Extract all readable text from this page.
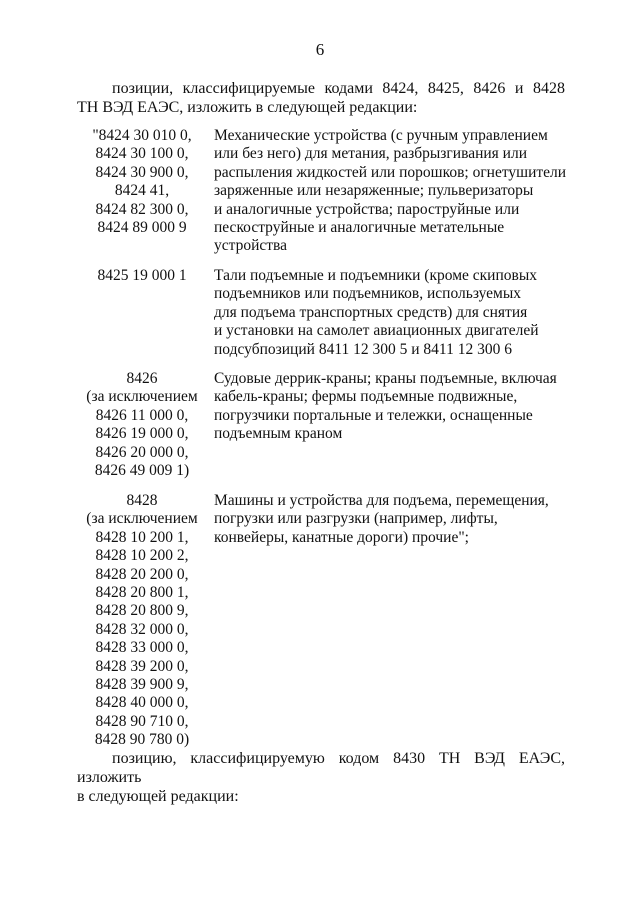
6
позиции, классифицируемые кодами 8424, 8425, 8426 и 8428
ТН ВЭД ЕАЭС, изложить в следующей редакции:
"8424 30 010 0,
8424 30 100 0,
8424 30 900 0,
8424 41,
8424 82 300 0,
8424 89 000 9
Механические устройства (с ручным управлением
или без него) для метания, разбрызгивания или
распыления жидкостей или порошков; огнетушители
заряженные или незаряженные; пульверизаторы
и аналогичные устройства; пароструйные или
пескоструйные и аналогичные метательные
устройства
8425 19 000 1	Тали подъемные и подъемники (кроме скиповых
подъемников или подъемников, используемых
для подъема транспортных средств) для снятия
и установки на самолет авиационных двигателей
подсубпозиций 8411 12 300 5 и 8411 12 300 6
8426
(за исключением
8426 11 000 0,
8426 19 000 0,
8426 20 000 0,
8426 49 009 1)
Судовые деррик-краны; краны подъемные, включая
кабель-краны; фермы подъемные подвижные,
погрузчики портальные и тележки, оснащенные
подъемным краном
8428
(за исключением
8428 10 200 1,
8428 10 200 2,
8428 20 200 0,
8428 20 800 1,
8428 20 800 9,
8428 32 000 0,
8428 33 000 0,
8428 39 200 0,
8428 39 900 9,
8428 40 000 0,
8428 90 710 0,
8428 90 780 0)
Машины и устройства для подъема, перемещения,
погрузки или разгрузки (например, лифты,
конвейеры, канатные дороги) прочие";
позицию, классифицируемую кодом 8430 ТН ВЭД ЕАЭС, изложить
в следующей редакции:
